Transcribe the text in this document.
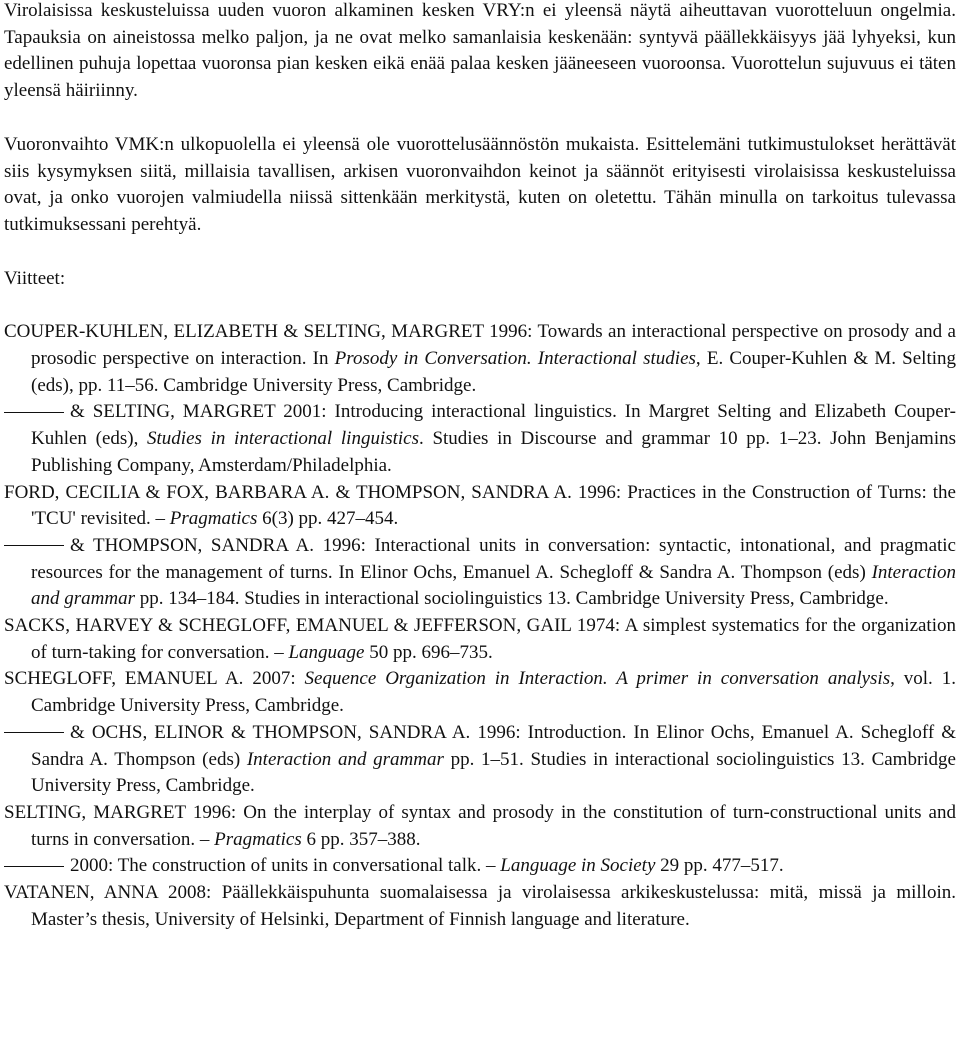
Virolaisissa keskusteluissa uuden vuoron alkaminen kesken VRY:n ei yleensä näytä aiheuttavan vuorotteluun ongelmia. Tapauksia on aineistossa melko paljon, ja ne ovat melko samanlaisia keskenään: syntyvä päällekkäisyys jää lyhyeksi, kun edellinen puhuja lopettaa vuoronsa pian kesken eikä enää palaa kesken jääneeseen vuoroonsa. Vuorottelun sujuvuus ei täten yleensä häiriinny.

Vuoronvaihto VMK:n ulkopuolella ei yleensä ole vuorottelusäännöstön mukaista. Esittelemäni tutkimustulokset herättävät siis kysymyksen siitä, millaisia tavallisen, arkisen vuoronvaihdon keinot ja säännöt erityisesti virolaisissa keskusteluissa ovat, ja onko vuorojen valmiudella niissä sittenkään merkitystä, kuten on oletettu. Tähän minulla on tarkoitus tulevassa tutkimuksessani perehtyä.

Viitteet:

COUPER-KUHLEN, ELIZABETH & SELTING, MARGRET 1996: Towards an interactional perspective on prosody and a prosodic perspective on interaction. In Prosody in Conversation. Interactional studies, E. Couper-Kuhlen & M. Selting (eds), pp. 11–56. Cambridge University Press, Cambridge.
& SELTING, MARGRET 2001: Introducing interactional linguistics. In Margret Selting and Elizabeth Couper-Kuhlen (eds), Studies in interactional linguistics. Studies in Discourse and grammar 10 pp. 1–23. John Benjamins Publishing Company, Amsterdam/Philadelphia.
FORD, CECILIA & FOX, BARBARA A. & THOMPSON, SANDRA A. 1996: Practices in the Construction of Turns: the 'TCU' revisited. – Pragmatics 6(3) pp. 427–454.
& THOMPSON, SANDRA A. 1996: Interactional units in conversation: syntactic, intonational, and pragmatic resources for the management of turns. In Elinor Ochs, Emanuel A. Schegloff & Sandra A. Thompson (eds) Interaction and grammar pp. 134–184. Studies in interactional sociolinguistics 13. Cambridge University Press, Cambridge.
SACKS, HARVEY & SCHEGLOFF, EMANUEL & JEFFERSON, GAIL 1974: A simplest systematics for the organization of turn-taking for conversation. – Language 50 pp. 696–735.
SCHEGLOFF, EMANUEL A. 2007: Sequence Organization in Interaction. A primer in conversation analysis, vol. 1. Cambridge University Press, Cambridge.
& OCHS, ELINOR & THOMPSON, SANDRA A. 1996: Introduction. In Elinor Ochs, Emanuel A. Schegloff & Sandra A. Thompson (eds) Interaction and grammar pp. 1–51. Studies in interactional sociolinguistics 13. Cambridge University Press, Cambridge.
SELTING, MARGRET 1996: On the interplay of syntax and prosody in the constitution of turn-constructional units and turns in conversation. – Pragmatics 6 pp. 357–388.
2000: The construction of units in conversational talk. – Language in Society 29 pp. 477–517.
VATANEN, ANNA 2008: Päällekkäispuhunta suomalaisessa ja virolaisessa arkikeskustelussa: mitä, missä ja milloin. Master’s thesis, University of Helsinki, Department of Finnish language and literature.
